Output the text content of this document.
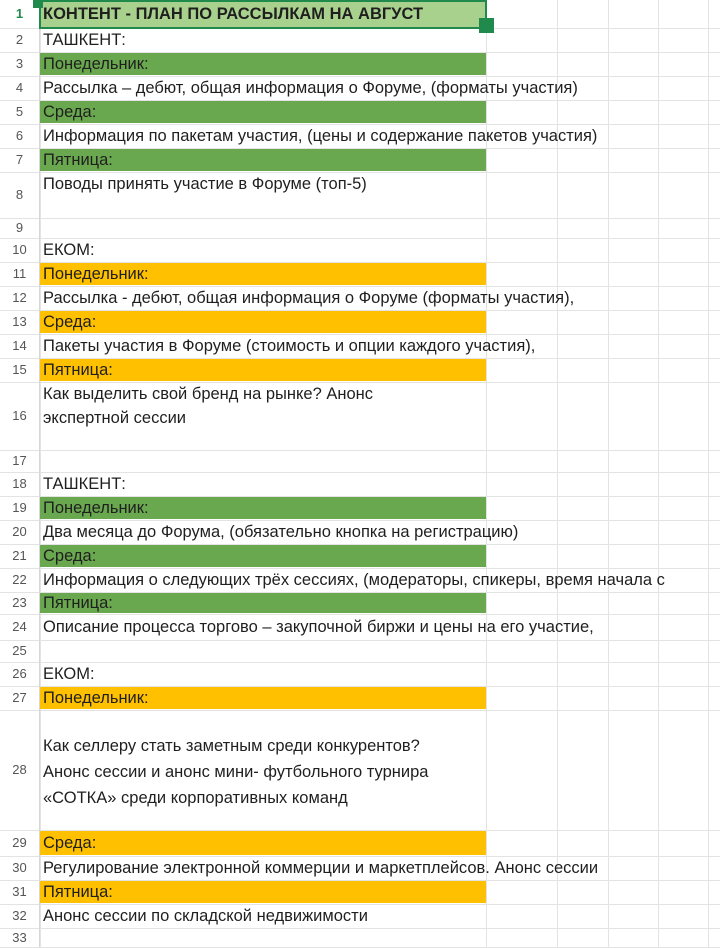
1	КОНТЕНТ - ПЛАН ПО РАССЫЛКАМ НА АВГУСТ
2	ТАШКЕНТ:
3	Понедельник:
4	Рассылка – дебют, общая информация о Форуме, (форматы участия)
5	Среда:
6	Информация по пакетам участия, (цены и содержание пакетов участия)
7	Пятница:
8
Поводы принять участие в Форуме (топ-5)
9
10 ЕКОМ:
11	Понедельник:
12 Рассылка - дебют, общая информация о Форуме (форматы участия),
13 Среда:
14 Пакеты участия в Форуме (стоимость и опции каждого участия),
15 Пятница:
16
Как выделить свой бренд на рынке? Анонс
экспертной сессии
17
18 ТАШКЕНТ:
19 Понедельник:
20 Два месяца до Форума, (обязательно кнопка на регистрацию)
21 Среда:
22 Информация о следующих трёх сессиях, (модераторы, спикеры, время начала с
23 Пятница:
24 Описание процесса торгово – закупочной биржи и цены на его участие,
25
26 ЕКОМ:
27 Понедельник:
28
Как селлеру стать заметным среди конкурентов?
Анонс сессии и анонс мини- футбольного турнира
«СОТКА» среди корпоративных команд
29 Среда:
30 Регулирование электронной коммерции и маркетплейсов. Анонс сессии
31 Пятница:
32 Анонс сессии по складской недвижимости
33
